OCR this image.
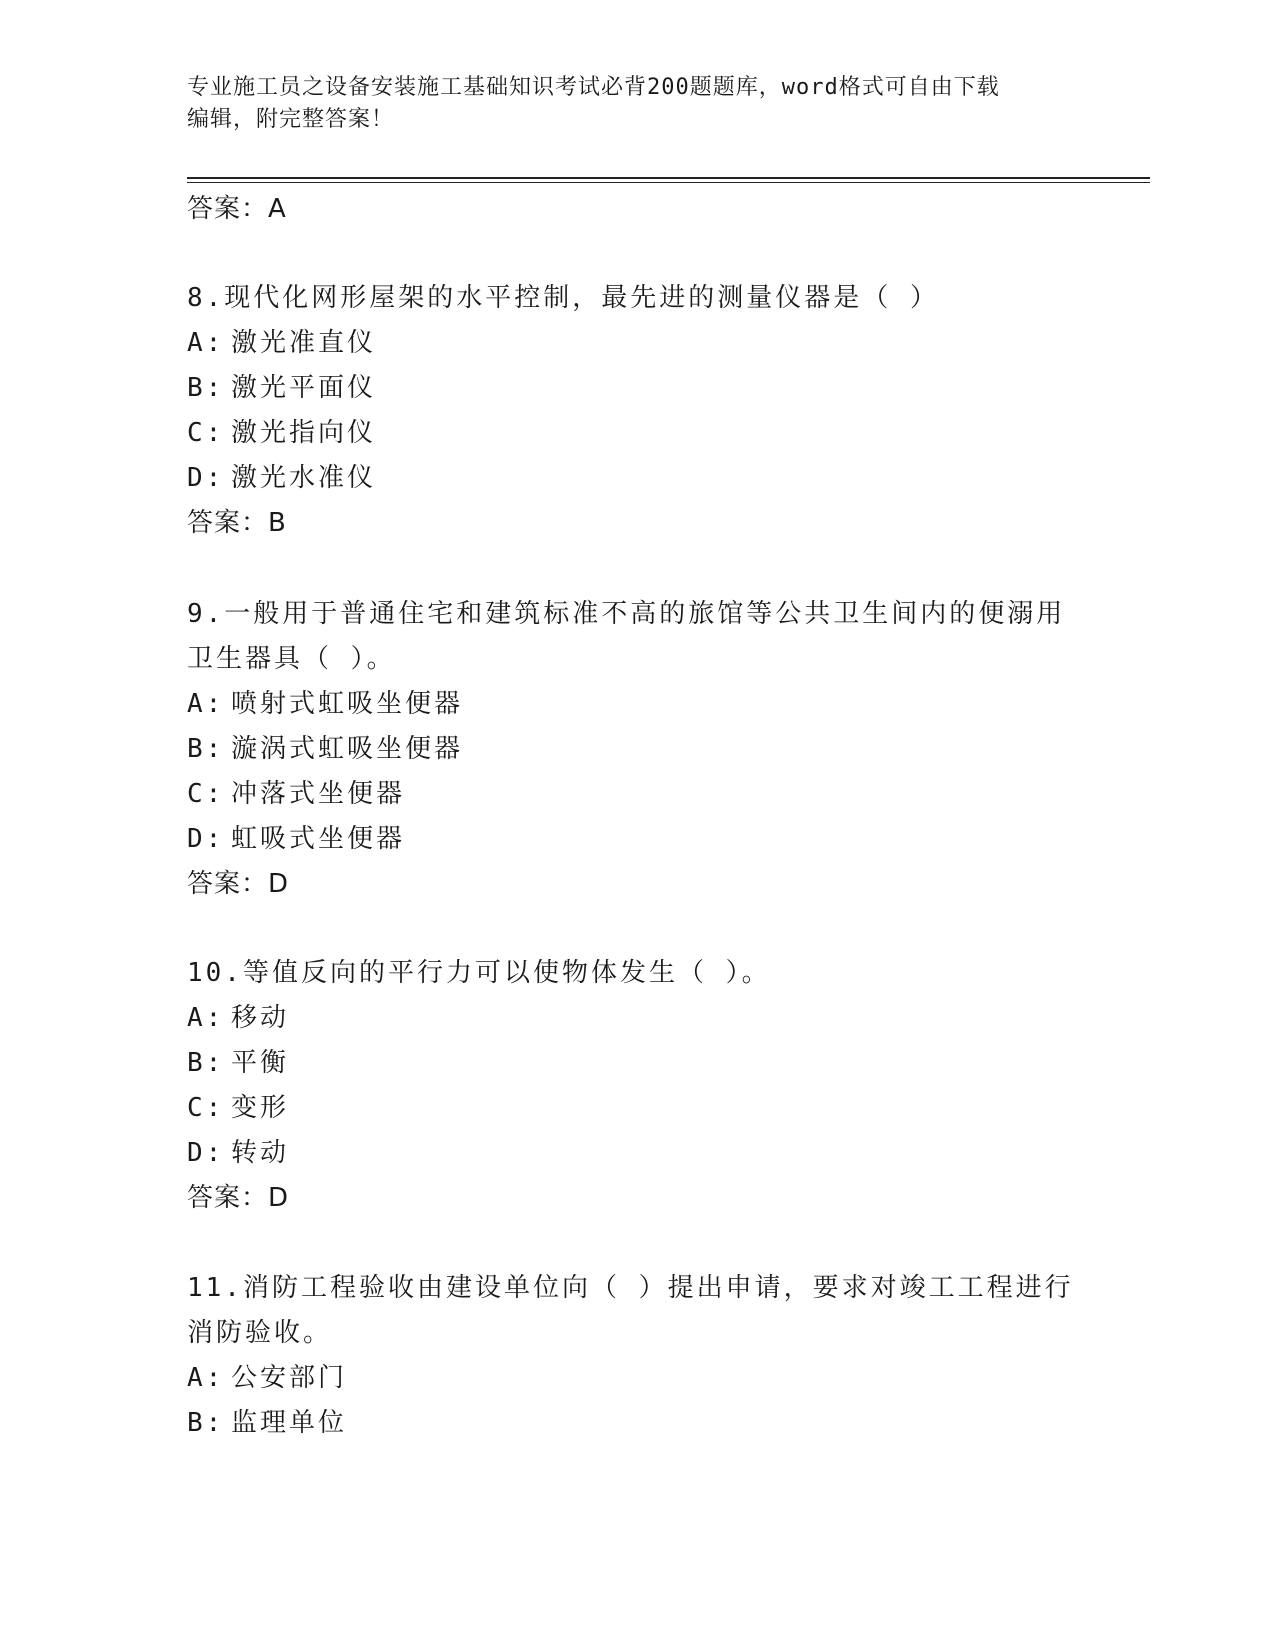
专业施工员之设备安装施工基础知识考试必背200题题库，word格式可自由下载
编辑，附完整答案！
答案：A
8.现代化网形屋架的水平控制，最先进的测量仪器是（ ）
A: 激光准直仪
B: 激光平面仪
C: 激光指向仪
D: 激光水准仪
答案：B
9.一般用于普通住宅和建筑标准不高的旅馆等公共卫生间内的便溺用
卫生器具（ ）。
A: 喷射式虹吸坐便器
B: 漩涡式虹吸坐便器
C: 冲落式坐便器
D: 虹吸式坐便器
答案：D
10.等值反向的平行力可以使物体发生（ ）。
A: 移动
B: 平衡
C: 变形
D: 转动
答案：D
11.消防工程验收由建设单位向（ ）提出申请，要求对竣工工程进行
消防验收。
A: 公安部门
B: 监理单位
